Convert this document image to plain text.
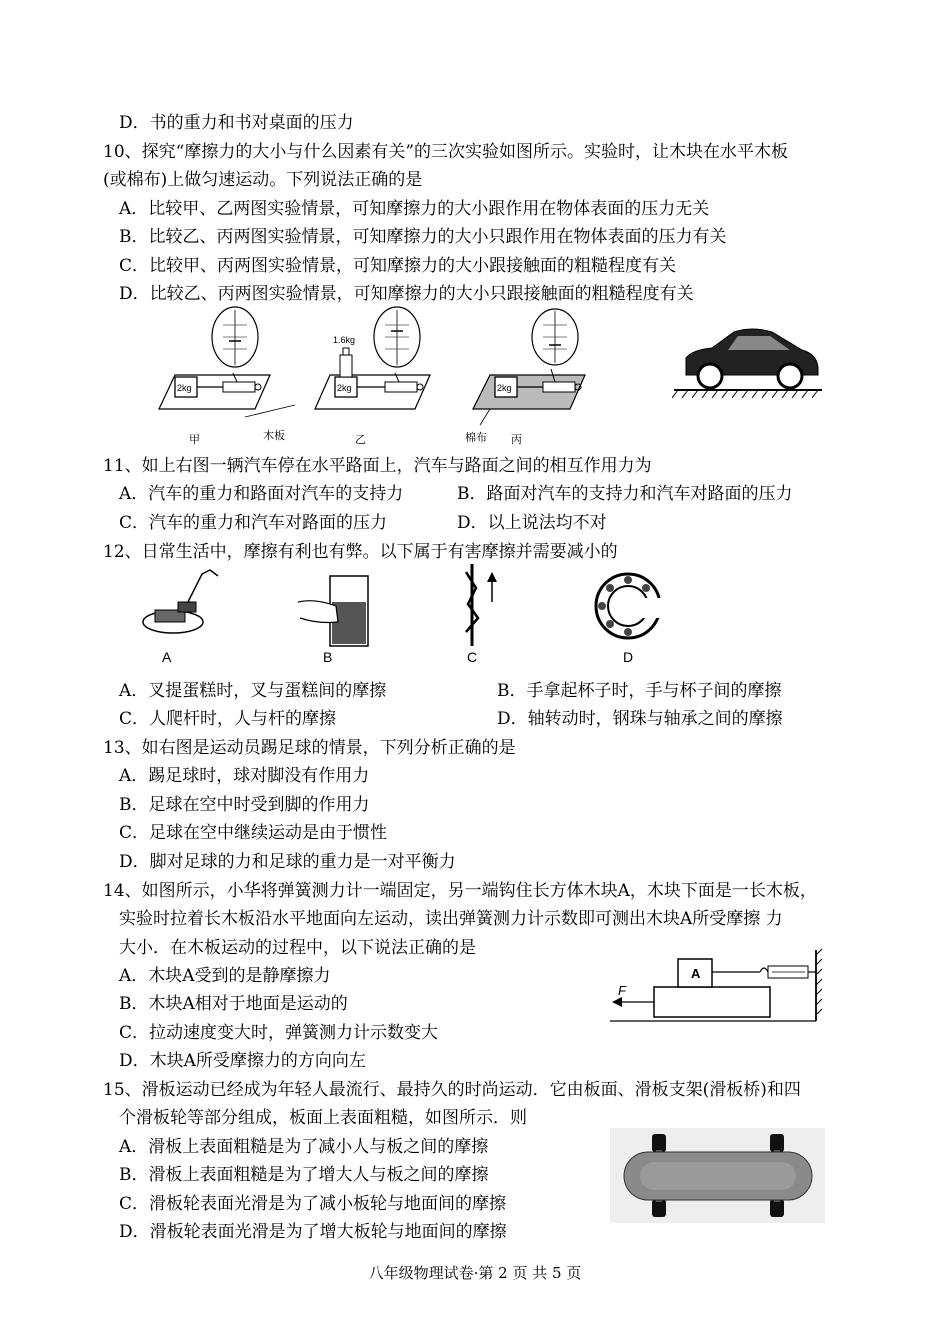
D．书的重力和书对桌面的压力
10、探究“摩擦力的大小与什么因素有关”的三次实验如图所示。实验时，让木块在水平木板
(或棉布)上做匀速运动。下列说法正确的是
A．比较甲、乙两图实验情景，可知摩擦力的大小跟作用在物体表面的压力无关
B．比较乙、丙两图实验情景，可知摩擦力的大小只跟作用在物体表面的压力有关
C．比较甲、丙两图实验情景，可知摩擦力的大小跟接触面的粗糙程度有关
D．比较乙、丙两图实验情景，可知摩擦力的大小只跟接触面的粗糙程度有关
2kg
甲
2kg
1.6kg
乙
木板
2kg
棉布 丙
11、如上右图一辆汽车停在水平路面上，汽车与路面之间的相互作用力为
A．汽车的重力和路面对汽车的支持力	B．路面对汽车的支持力和汽车对路面的压力
C．汽车的重力和汽车对路面的压力	D．以上说法均不对
12、日常生活中，摩擦有利也有弊。以下属于有害摩擦并需要减小的
A	B	C	D
A．叉提蛋糕时，叉与蛋糕间的摩擦	B．手拿起杯子时，手与杯子间的摩擦
C．人爬杆时，人与杆的摩擦	D．轴转动时，钢珠与轴承之间的摩擦
13、如右图是运动员踢足球的情景，下列分析正确的是
A．踢足球时，球对脚没有作用力
B．足球在空中时受到脚的作用力
C．足球在空中继续运动是由于惯性
D．脚对足球的力和足球的重力是一对平衡力
14、如图所示，小华将弹簧测力计一端固定，另一端钩住长方体木块A，木块下面是一长木板，
实验时拉着长木板沿水平地面向左运动，读出弹簧测力计示数即可测出木块A所受摩擦 力
大小．在木板运动的过程中，以下说法正确的是
A．木块A受到的是静摩擦力
B．木块A相对于地面是运动的
C．拉动速度变大时，弹簧测力计示数变大
D．木块A所受摩擦力的方向向左
A
F
15、滑板运动已经成为年轻人最流行、最持久的时尚运动．它由板面、滑板支架(滑板桥)和四
个滑板轮等部分组成，板面上表面粗糙，如图所示．则
A．滑板上表面粗糙是为了减小人与板之间的摩擦
B．滑板上表面粗糙是为了增大人与板之间的摩擦
C．滑板轮表面光滑是为了减小板轮与地面间的摩擦
D．滑板轮表面光滑是为了增大板轮与地面间的摩擦
八年级物理试卷·第 2 页 共 5 页
